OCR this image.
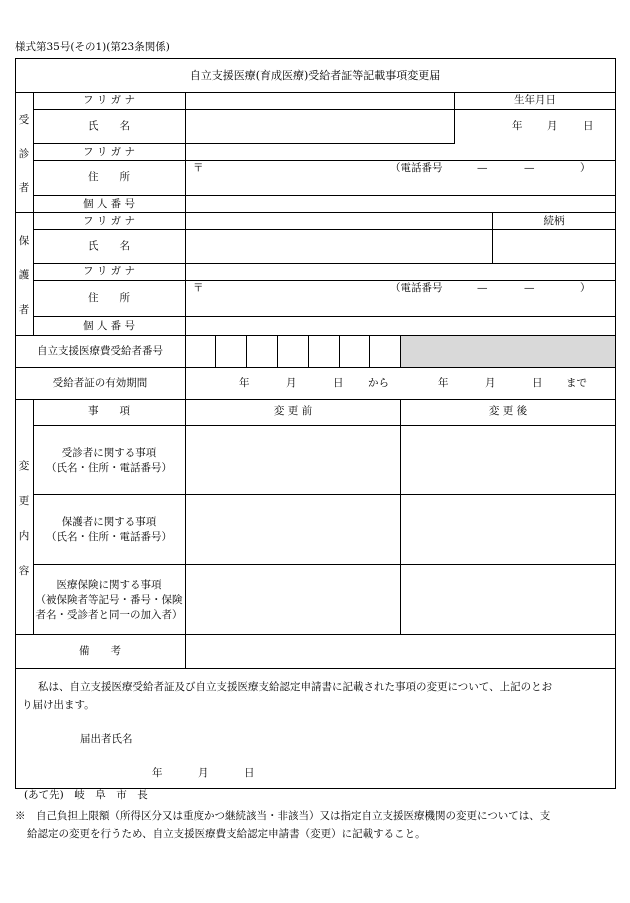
様式第35号(その1)(第23条関係)
自立支援医療(育成医療)受給者証等記載事項変更届
受
診
者
フ リ ガ ナ	生年月日
氏　　名	年 月 日
フ リ ガ ナ
住　　所
〒	（電話番号	—	—	）
個 人 番 号
保
護
者
フ リ ガ ナ	続柄
氏　　名
フ リ ガ ナ
住　　所
〒	（電話番号	—	—	）
個 人 番 号
自立支援医療費受給者番号
受給者証の有効期間	年	月	日 から	年	月	日 まで
変
更
内
容
事　　項	変 更 前	変 更 後
受診者に関する事項
（氏名・住所・電話番号）
保護者に関する事項
（氏名・住所・電話番号）
医療保険に関する事項
（被保険者等記号・番号・保険
者名・受診者と同一の加入者）
備　　考
私は、自立支援医療受給者証及び自立支援医療支給認定申請書に記載された事項の変更について、上記のとお
り届け出ます。
届出者氏名
年	月	日
(あて先)　岐　阜　市　長
※　自己負担上限額（所得区分又は重度かつ継続該当・非該当）又は指定自立支援医療機関の変更については、支
給認定の変更を行うため、自立支援医療費支給認定申請書（変更）に記載すること。
